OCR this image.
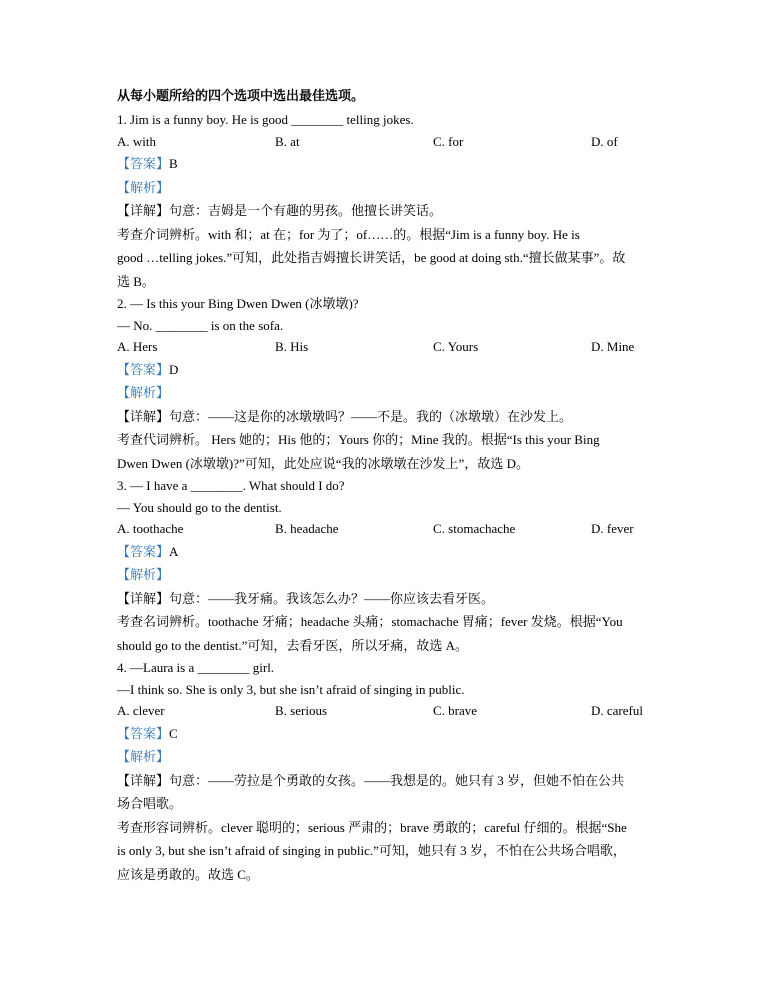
从每小题所给的四个选项中选出最佳选项。
1. Jim is a funny boy. He is good ________ telling jokes.
A. with	B. at	C. for	D. of
【答案】B
【解析】
【详解】句意：吉姆是一个有趣的男孩。他擅长讲笑话。
考查介词辨析。with 和；at 在；for 为了；of……的。根据“Jim is a funny boy. He is
good …telling jokes.”可知，此处指吉姆擅长讲笑话，be good at doing sth.“擅长做某事”。故
选 B。
2. — Is this your Bing Dwen Dwen (冰墩墩)?
— No. ________ is on the sofa.
A. Hers	B. His	C. Yours	D. Mine
【答案】D
【解析】
【详解】句意：——这是你的冰墩墩吗？——不是。我的（冰墩墩）在沙发上。
考查代词辨析。 Hers 她的；His 他的；Yours 你的；Mine 我的。根据“Is this your Bing
Dwen Dwen (冰墩墩)?”可知，此处应说“我的冰墩墩在沙发上”，故选 D。
3. — I have a ________. What should I do?
— You should go to the dentist.
A. toothache	B. headache	C. stomachache	D. fever
【答案】A
【解析】
【详解】句意：——我牙痛。我该怎么办？——你应该去看牙医。
考查名词辨析。toothache 牙痛；headache 头痛；stomachache 胃痛；fever 发烧。根据“You
should go to the dentist.”可知，去看牙医，所以牙痛，故选 A。
4. —Laura is a ________ girl.
—I think so. She is only 3, but she isn’t afraid of singing in public.
A. clever	B. serious	C. brave	D. careful
【答案】C
【解析】
【详解】句意：——劳拉是个勇敢的女孩。——我想是的。她只有 3 岁，但她不怕在公共
场合唱歌。
考查形容词辨析。clever 聪明的；serious 严肃的；brave 勇敢的；careful 仔细的。根据“She
is only 3, but she isn’t afraid of singing in public.”可知，她只有 3 岁，不怕在公共场合唱歌，
应该是勇敢的。故选 C。
